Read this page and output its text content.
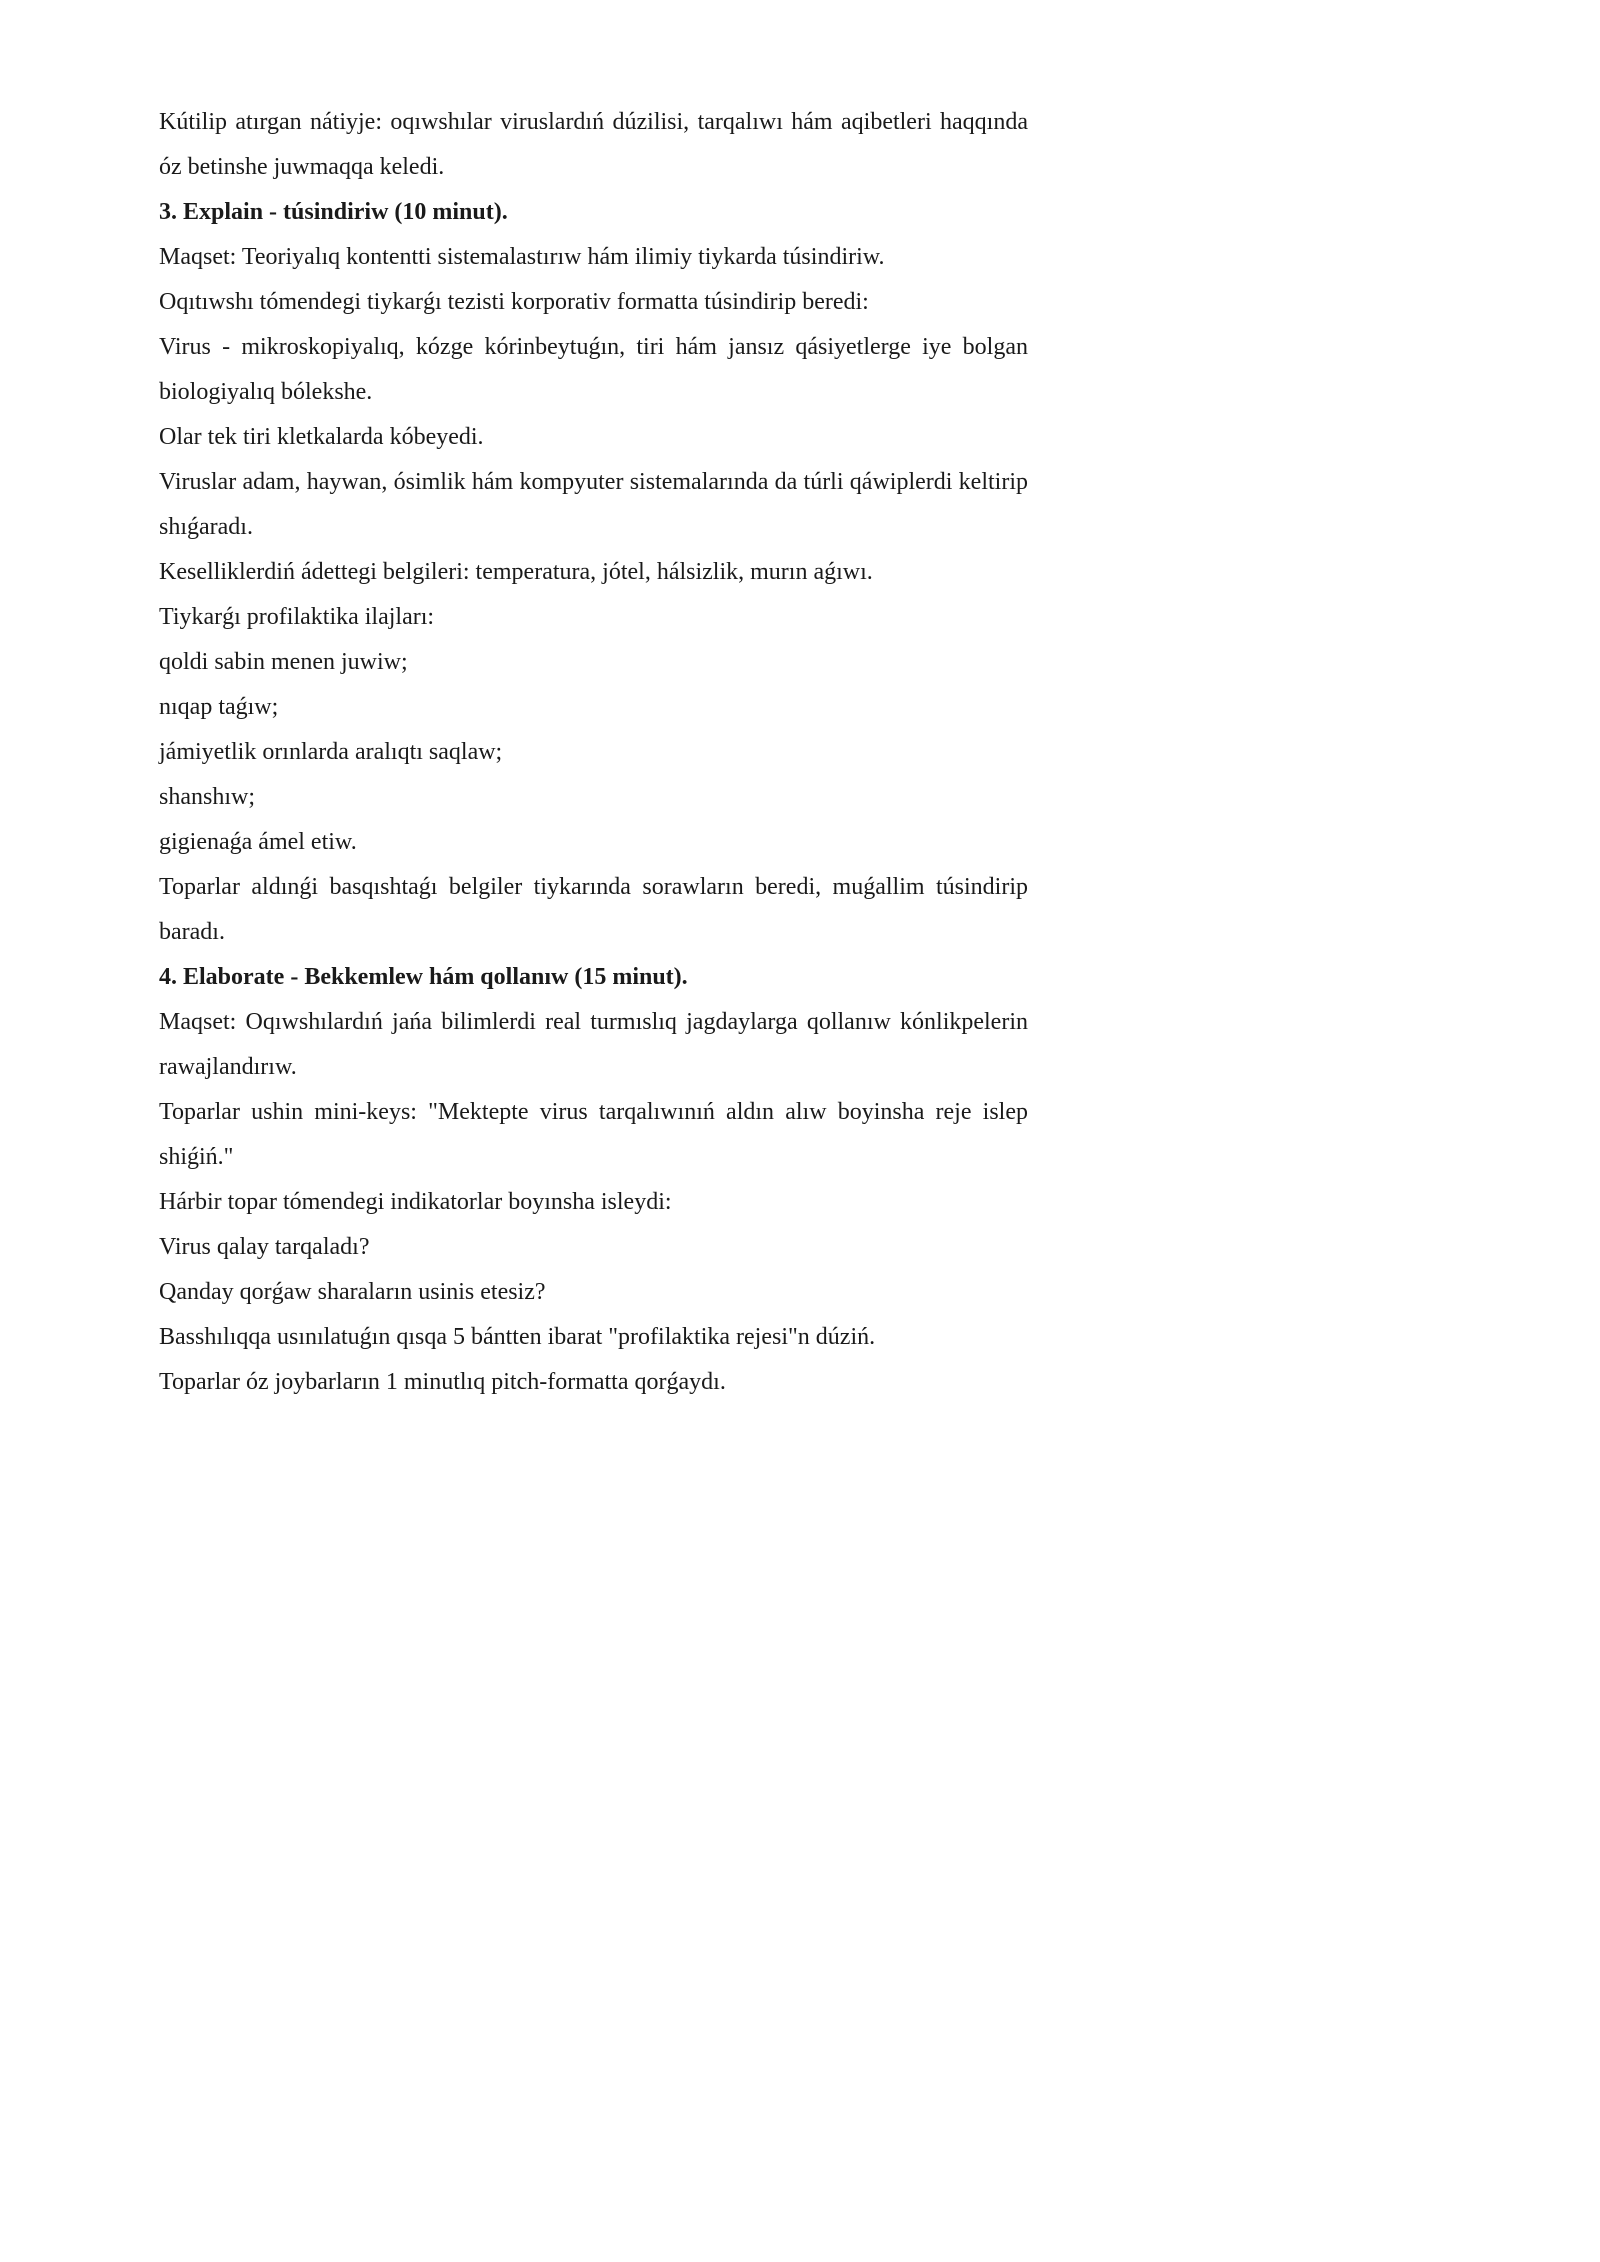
Kútilip atırgan nátiyje: oqıwshılar viruslardıń dúzilisi, tarqalıwı hám aqibetleri haqqında óz betinshe juwmaqqa keledi.

3. Explain - túsindiriw (10 minut).

Maqset: Teoriyalıq kontentti sistemalastırıw hám ilimiy tiykarda túsindiriw.

Oqıtıwshı tómendegi tiykarǵı tezisti korporativ formatta túsindirip beredi:

Virus - mikroskopiyalıq, kózge kórinbeytuǵın, tiri hám jansız qásiyetlerge iye bolgan biologiyalıq bólekshe.

Olar tek tiri kletkalarda kóbeyedi.

Viruslar adam, haywan, ósimlik hám kompyuter sistemalarında da túrli qáwiplerdi keltirip shıǵaradı.

Keselliklerdiń ádettegi belgileri: temperatura, jótel, hálsizlik, murın aǵıwı.

Tiykarǵı profilaktika ilajları:

qoldi sabin menen juwiw;

nıqap taǵıw;

jámiyetlik orınlarda aralıqtı saqlaw;

shanshıw;

gigienaǵa ámel etiw.

Toparlar aldınǵi basqıshtaǵı belgiler tiykarında sorawların beredi, muǵallim túsindirip baradı.

4. Elaborate - Bekkemlew hám qollanıw (15 minut).

Maqset: Oqıwshılardıń jańa bilimlerdi real turmıslıq jagdaylarga qollanıw kónlikpelerin rawajlandırıw.

Toparlar ushin mini-keys: "Mektepte virus tarqalıwınıń aldın alıw boyinsha reje islep shiǵiń."

Hárbir topar tómendegi indikatorlar boyınsha isleydi:

Virus qalay tarqaladı?

Qanday qorǵaw sharaların usinis etesiz?

Basshılıqqa usınılatuǵın qısqa 5 bántten ibarat "profilaktika rejesi"n dúziń.

Toparlar óz joybarların 1 minutlıq pitch-formatta qorǵaydı.
